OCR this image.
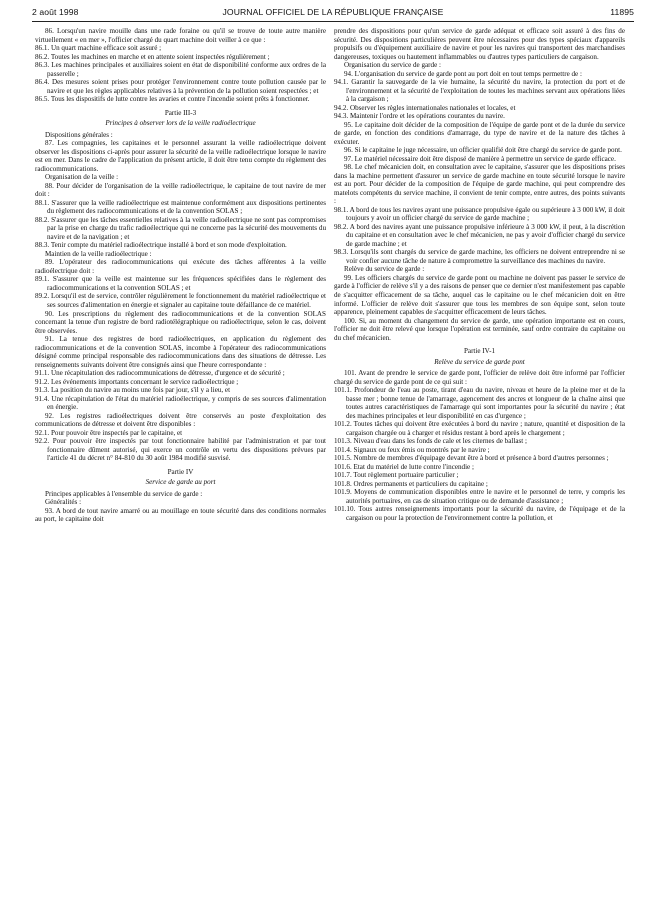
2 août 1998	JOURNAL OFFICIEL DE LA RÉPUBLIQUE FRANÇAISE	11895

86. Lorsqu'un navire mouille dans une rade foraine ou qu'il se trouve de toute autre manière virtuellement « en mer », l'officier chargé du quart machine doit veiller à ce que :

86.1. Un quart machine efficace soit assuré ;

86.2. Toutes les machines en marche et en attente soient inspectées régulièrement ;

86.3. Les machines principales et auxiliaires soient en état de disponibilité conforme aux ordres de la passerelle ;

86.4. Des mesures soient prises pour protéger l'environnement contre toute pollution causée par le navire et que les règles applicables relatives à la prévention de la pollution soient respectées ; et

86.5. Tous les dispositifs de lutte contre les avaries et contre l'incendie soient prêts à fonctionner.

Partie III-3

Principes à observer lors de la veille radioélectrique

Dispositions générales :

87. Les compagnies, les capitaines et le personnel assurant la veille radioélectrique doivent observer les dispositions ci-après pour assurer la sécurité de la veille radioélectrique lorsque le navire est en mer. Dans le cadre de l'application du présent article, il doit être tenu compte du règlement des radiocommunications.

Organisation de la veille :

88. Pour décider de l'organisation de la veille radioélectrique, le capitaine de tout navire de mer doit :

88.1. S'assurer que la veille radioélectrique est maintenue conformément aux dispositions pertinentes du règlement des radiocommunications et de la convention SOLAS ;

88.2. S'assurer que les tâches essentielles relatives à la veille radioélectrique ne sont pas compromises par la prise en charge du trafic radioélectrique qui ne concerne pas la sécurité des mouvements du navire et de la navigation ; et

88.3. Tenir compte du matériel radioélectrique installé à bord et son mode d'exploitation.

Maintien de la veille radioélectrique :

89. L'opérateur des radiocommunications qui exécute des tâches afférentes à la veille radioélectrique doit :

89.1. S'assurer que la veille est maintenue sur les fréquences spécifiées dans le règlement des radiocommunications et la convention SOLAS ; et

89.2. Lorsqu'il est de service, contrôler régulièrement le fonctionnement du matériel radioélectrique et ses sources d'alimentation en énergie et signaler au capitaine toute défaillance de ce matériel.

90. Les prescriptions du règlement des radiocommunications et de la convention SOLAS concernant la tenue d'un registre de bord radiotélégraphique ou radioélectrique, selon le cas, doivent être observées.

91. La tenue des registres de bord radioélectriques, en application du règlement des radiocommunications et de la convention SOLAS, incombe à l'opérateur des radiocommunications désigné comme principal responsable des radiocommunications dans des situations de détresse. Les renseignements suivants doivent être consignés ainsi que l'heure correspondante :

91.1. Une récapitulation des radiocommunications de détresse, d'urgence et de sécurité ;

91.2. Les événements importants concernant le service radioélectrique ;

91.3. La position du navire au moins une fois par jour, s'il y a lieu, et

91.4. Une récapitulation de l'état du matériel radioélectrique, y compris de ses sources d'alimentation en énergie.

92. Les registres radioélectriques doivent être conservés au poste d'exploitation des communications de détresse et doivent être disponibles :

92.1. Pour pouvoir être inspectés par le capitaine, et

92.2. Pour pouvoir être inspectés par tout fonctionnaire habilité par l'administration et par tout fonctionnaire dûment autorisé, qui exerce un contrôle en vertu des dispositions prévues par l'article 41 du décret n° 84-810 du 30 août 1984 modifié susvisé.

Partie IV

Service de garde au port

Principes applicables à l'ensemble du service de garde :

Généralités :

93. A bord de tout navire amarré ou au mouillage en toute sécurité dans des conditions normales au port, le capitaine doit

prendre des dispositions pour qu'un service de garde adéquat et efficace soit assuré à des fins de sécurité. Des dispositions particulières peuvent être nécessaires pour des types spéciaux d'appareils propulsifs ou d'équipement auxiliaire de navire et pour les navires qui transportent des marchandises dangereuses, toxiques ou hautement inflammables ou d'autres types particuliers de cargaison.

Organisation du service de garde :

94. L'organisation du service de garde pont au port doit en tout temps permettre de :

94.1. Garantir la sauvegarde de la vie humaine, la sécurité du navire, la protection du port et de l'environnement et la sécurité de l'exploitation de toutes les machines servant aux opérations liées à la cargaison ;

94.2. Observer les règles internationales nationales et locales, et

94.3. Maintenir l'ordre et les opérations courantes du navire.

95. Le capitaine doit décider de la composition de l'équipe de garde pont et de la durée du service de garde, en fonction des conditions d'amarrage, du type de navire et de la nature des tâches à exécuter.

96. Si le capitaine le juge nécessaire, un officier qualifié doit être chargé du service de garde pont.

97. Le matériel nécessaire doit être disposé de manière à permettre un service de garde efficace.

98. Le chef mécanicien doit, en consultation avec le capitaine, s'assurer que les dispositions prises dans la machine permettent d'assurer un service de garde machine en toute sécurité lorsque le navire est au port. Pour décider de la composition de l'équipe de garde machine, qui peut comprendre des matelots compétents du service machine, il convient de tenir compte, entre autres, des points suivants :

98.1. A bord de tous les navires ayant une puissance propulsive égale ou supérieure à 3 000 kW, il doit toujours y avoir un officier chargé du service de garde machine ;

98.2. A bord des navires ayant une puissance propulsive inférieure à 3 000 kW, il peut, à la discrétion du capitaine et en consultation avec le chef mécanicien, ne pas y avoir d'officier chargé du service de garde machine ; et

98.3. Lorsqu'ils sont chargés du service de garde machine, les officiers ne doivent entreprendre ni se voir confier aucune tâche de nature à compromettre la surveillance des machines du navire.

Relève du service de garde :

99. Les officiers chargés du service de garde pont ou machine ne doivent pas passer le service de garde à l'officier de relève s'il y a des raisons de penser que ce dernier n'est manifestement pas capable de s'acquitter efficacement de sa tâche, auquel cas le capitaine ou le chef mécanicien doit en être informé. L'officier de relève doit s'assurer que tous les membres de son équipe sont, selon toute apparence, pleinement capables de s'acquitter efficacement de leurs tâches.

100. Si, au moment du changement du service de garde, une opération importante est en cours, l'officier ne doit être relevé que lorsque l'opération est terminée, sauf ordre contraire du capitaine ou du chef mécanicien.

Partie IV-1

Relève du service de garde pont

101. Avant de prendre le service de garde pont, l'officier de relève doit être informé par l'officier chargé du service de garde pont de ce qui suit :

101.1. Profondeur de l'eau au poste, tirant d'eau du navire, niveau et heure de la pleine mer et de la basse mer ; bonne tenue de l'amarrage, agencement des ancres et longueur de la chaîne ainsi que toutes autres caractéristiques de l'amarrage qui sont importantes pour la sécurité du navire ; état des machines principales et leur disponibilité en cas d'urgence ;

101.2. Toutes tâches qui doivent être exécutées à bord du navire ; nature, quantité et disposition de la cargaison chargée ou à charger et résidus restant à bord après le chargement ;

101.3. Niveau d'eau dans les fonds de cale et les citernes de ballast ;

101.4. Signaux ou feux émis ou montrés par le navire ;

101.5. Nombre de membres d'équipage devant être à bord et présence à bord d'autres personnes ;

101.6. Etat du matériel de lutte contre l'incendie ;

101.7. Tout règlement portuaire particulier ;

101.8. Ordres permanents et particuliers du capitaine ;

101.9. Moyens de communication disponibles entre le navire et le personnel de terre, y compris les autorités portuaires, en cas de situation critique ou de demande d'assistance ;

101.10. Tous autres renseignements importants pour la sécurité du navire, de l'équipage et de la cargaison ou pour la protection de l'environnement contre la pollution, et
